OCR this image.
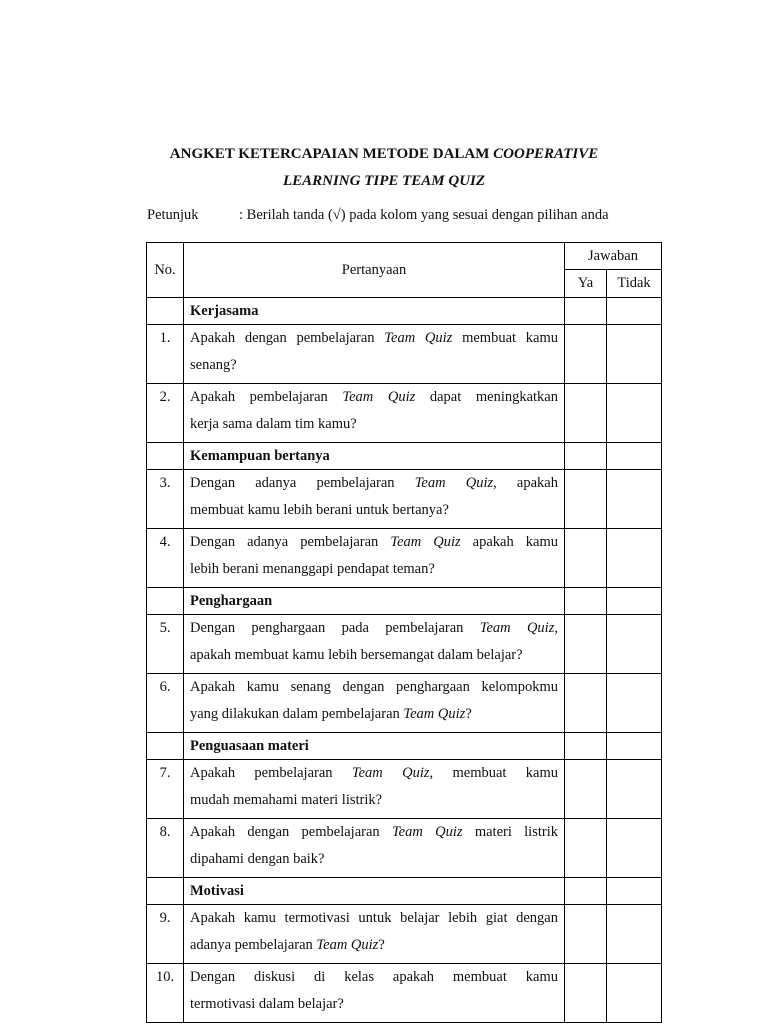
ANGKET KETERCAPAIAN METODE DALAM COOPERATIVE
LEARNING TIPE TEAM QUIZ
Petunjuk	: Berilah tanda (√) pada kolom yang sesuai dengan pilihan anda
No.	Pertanyaan	Jawaban	
		Ya	Tidak
	Kerjasama		
1.	Apakah dengan pembelajaran Team Quiz membuat kamu
senang?		

2.	Apakah pembelajaran Team Quiz dapat meningkatkan
kerja sama dalam tim kamu?		

	Kemampuan bertanya		
3.	Dengan adanya pembelajaran Team Quiz, apakah
membuat kamu lebih berani untuk bertanya?		

4.	Dengan adanya pembelajaran Team Quiz apakah kamu
lebih berani menanggapi pendapat teman?		

	Penghargaan		
5.	Dengan penghargaan pada pembelajaran Team Quiz,
apakah membuat kamu lebih bersemangat dalam belajar?		

6.	Apakah kamu senang dengan penghargaan kelompokmu
yang dilakukan dalam pembelajaran Team Quiz?		

	Penguasaan materi		
7.	Apakah pembelajaran Team Quiz, membuat kamu
mudah memahami materi listrik?		

8.	Apakah dengan pembelajaran Team Quiz materi listrik
dipahami dengan baik?		

	Motivasi		
9.	Apakah kamu termotivasi untuk belajar lebih giat dengan
adanya pembelajaran Team Quiz?		

10.	Dengan diskusi di kelas apakah membuat kamu
termotivasi dalam belajar?		
